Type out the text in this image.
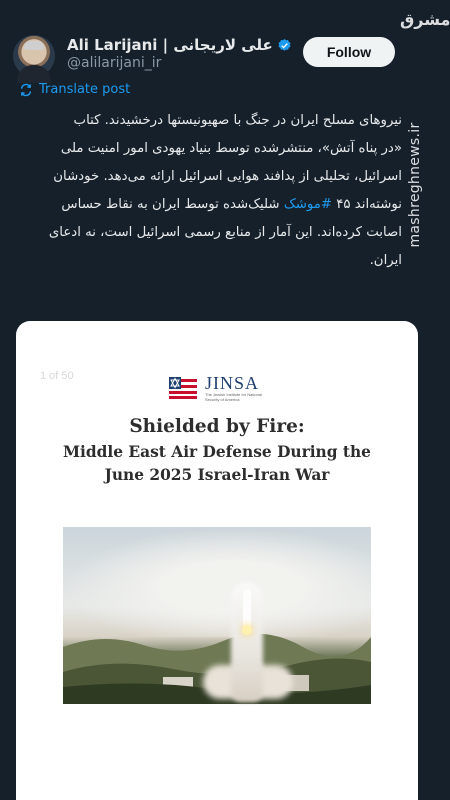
Ali Larijani | علی لاریجانی
@alilarijani_ir
Follow
مشرق
mashreghnews.ir
Translate post
نیروهای مسلح ایران در جنگ با صهیونیستها درخشیدند. کتاب
«در پناه آتش»، منتشرشده توسط بنیاد یهودی امور امنیت ملی
اسرائیل، تحلیلی از پدافند هوایی اسرائیل ارائه می‌دهد. خودشان
نوشته‌اند ۴۵ #موشک شلیک‌شده توسط ایران به نقاط حساس
اصابت کرده‌اند. این آمار از منابع رسمی اسرائیل است، نه ادعای
ایران.
1 of 50	JINSA
The Jewish Institute for National Security of America
Shielded by Fire:
Middle East Air Defense During the
June 2025 Israel-Iran War
